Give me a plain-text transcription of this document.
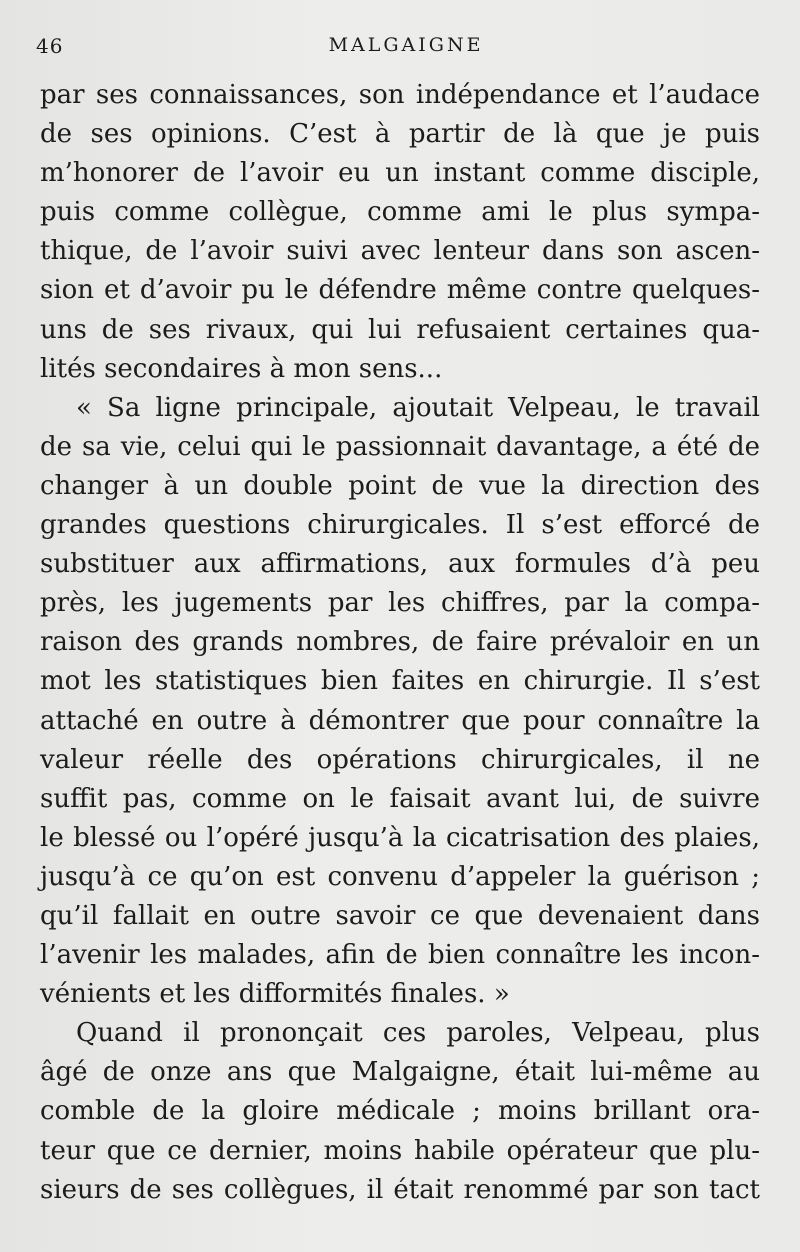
46	MALGAIGNE
par ses connaissances, son indépendance et l’audace
de ses opinions. C’est à partir de là que je puis
m’honorer de l’avoir eu un instant comme disciple,
puis comme collègue, comme ami le plus sympa-
thique, de l’avoir suivi avec lenteur dans son ascen-
sion et d’avoir pu le défendre même contre quelques-
uns de ses rivaux, qui lui refusaient certaines qua-
lités secondaires à mon sens...
« Sa ligne principale, ajoutait Velpeau, le travail
de sa vie, celui qui le passionnait davantage, a été de
changer à un double point de vue la direction des
grandes questions chirurgicales. Il s’est efforcé de
substituer aux affirmations, aux formules d’à peu
près, les jugements par les chiffres, par la compa-
raison des grands nombres, de faire prévaloir en un
mot les statistiques bien faites en chirurgie. Il s’est
attaché en outre à démontrer que pour connaître la
valeur réelle des opérations chirurgicales, il ne
suffit pas, comme on le faisait avant lui, de suivre
le blessé ou l’opéré jusqu’à la cicatrisation des plaies,
jusqu’à ce qu’on est convenu d’appeler la guérison ;
qu’il fallait en outre savoir ce que devenaient dans
l’avenir les malades, afin de bien connaître les incon-
vénients et les difformités finales. »
Quand il prononçait ces paroles, Velpeau, plus
âgé de onze ans que Malgaigne, était lui-même au
comble de la gloire médicale ; moins brillant ora-
teur que ce dernier, moins habile opérateur que plu-
sieurs de ses collègues, il était renommé par son tact
